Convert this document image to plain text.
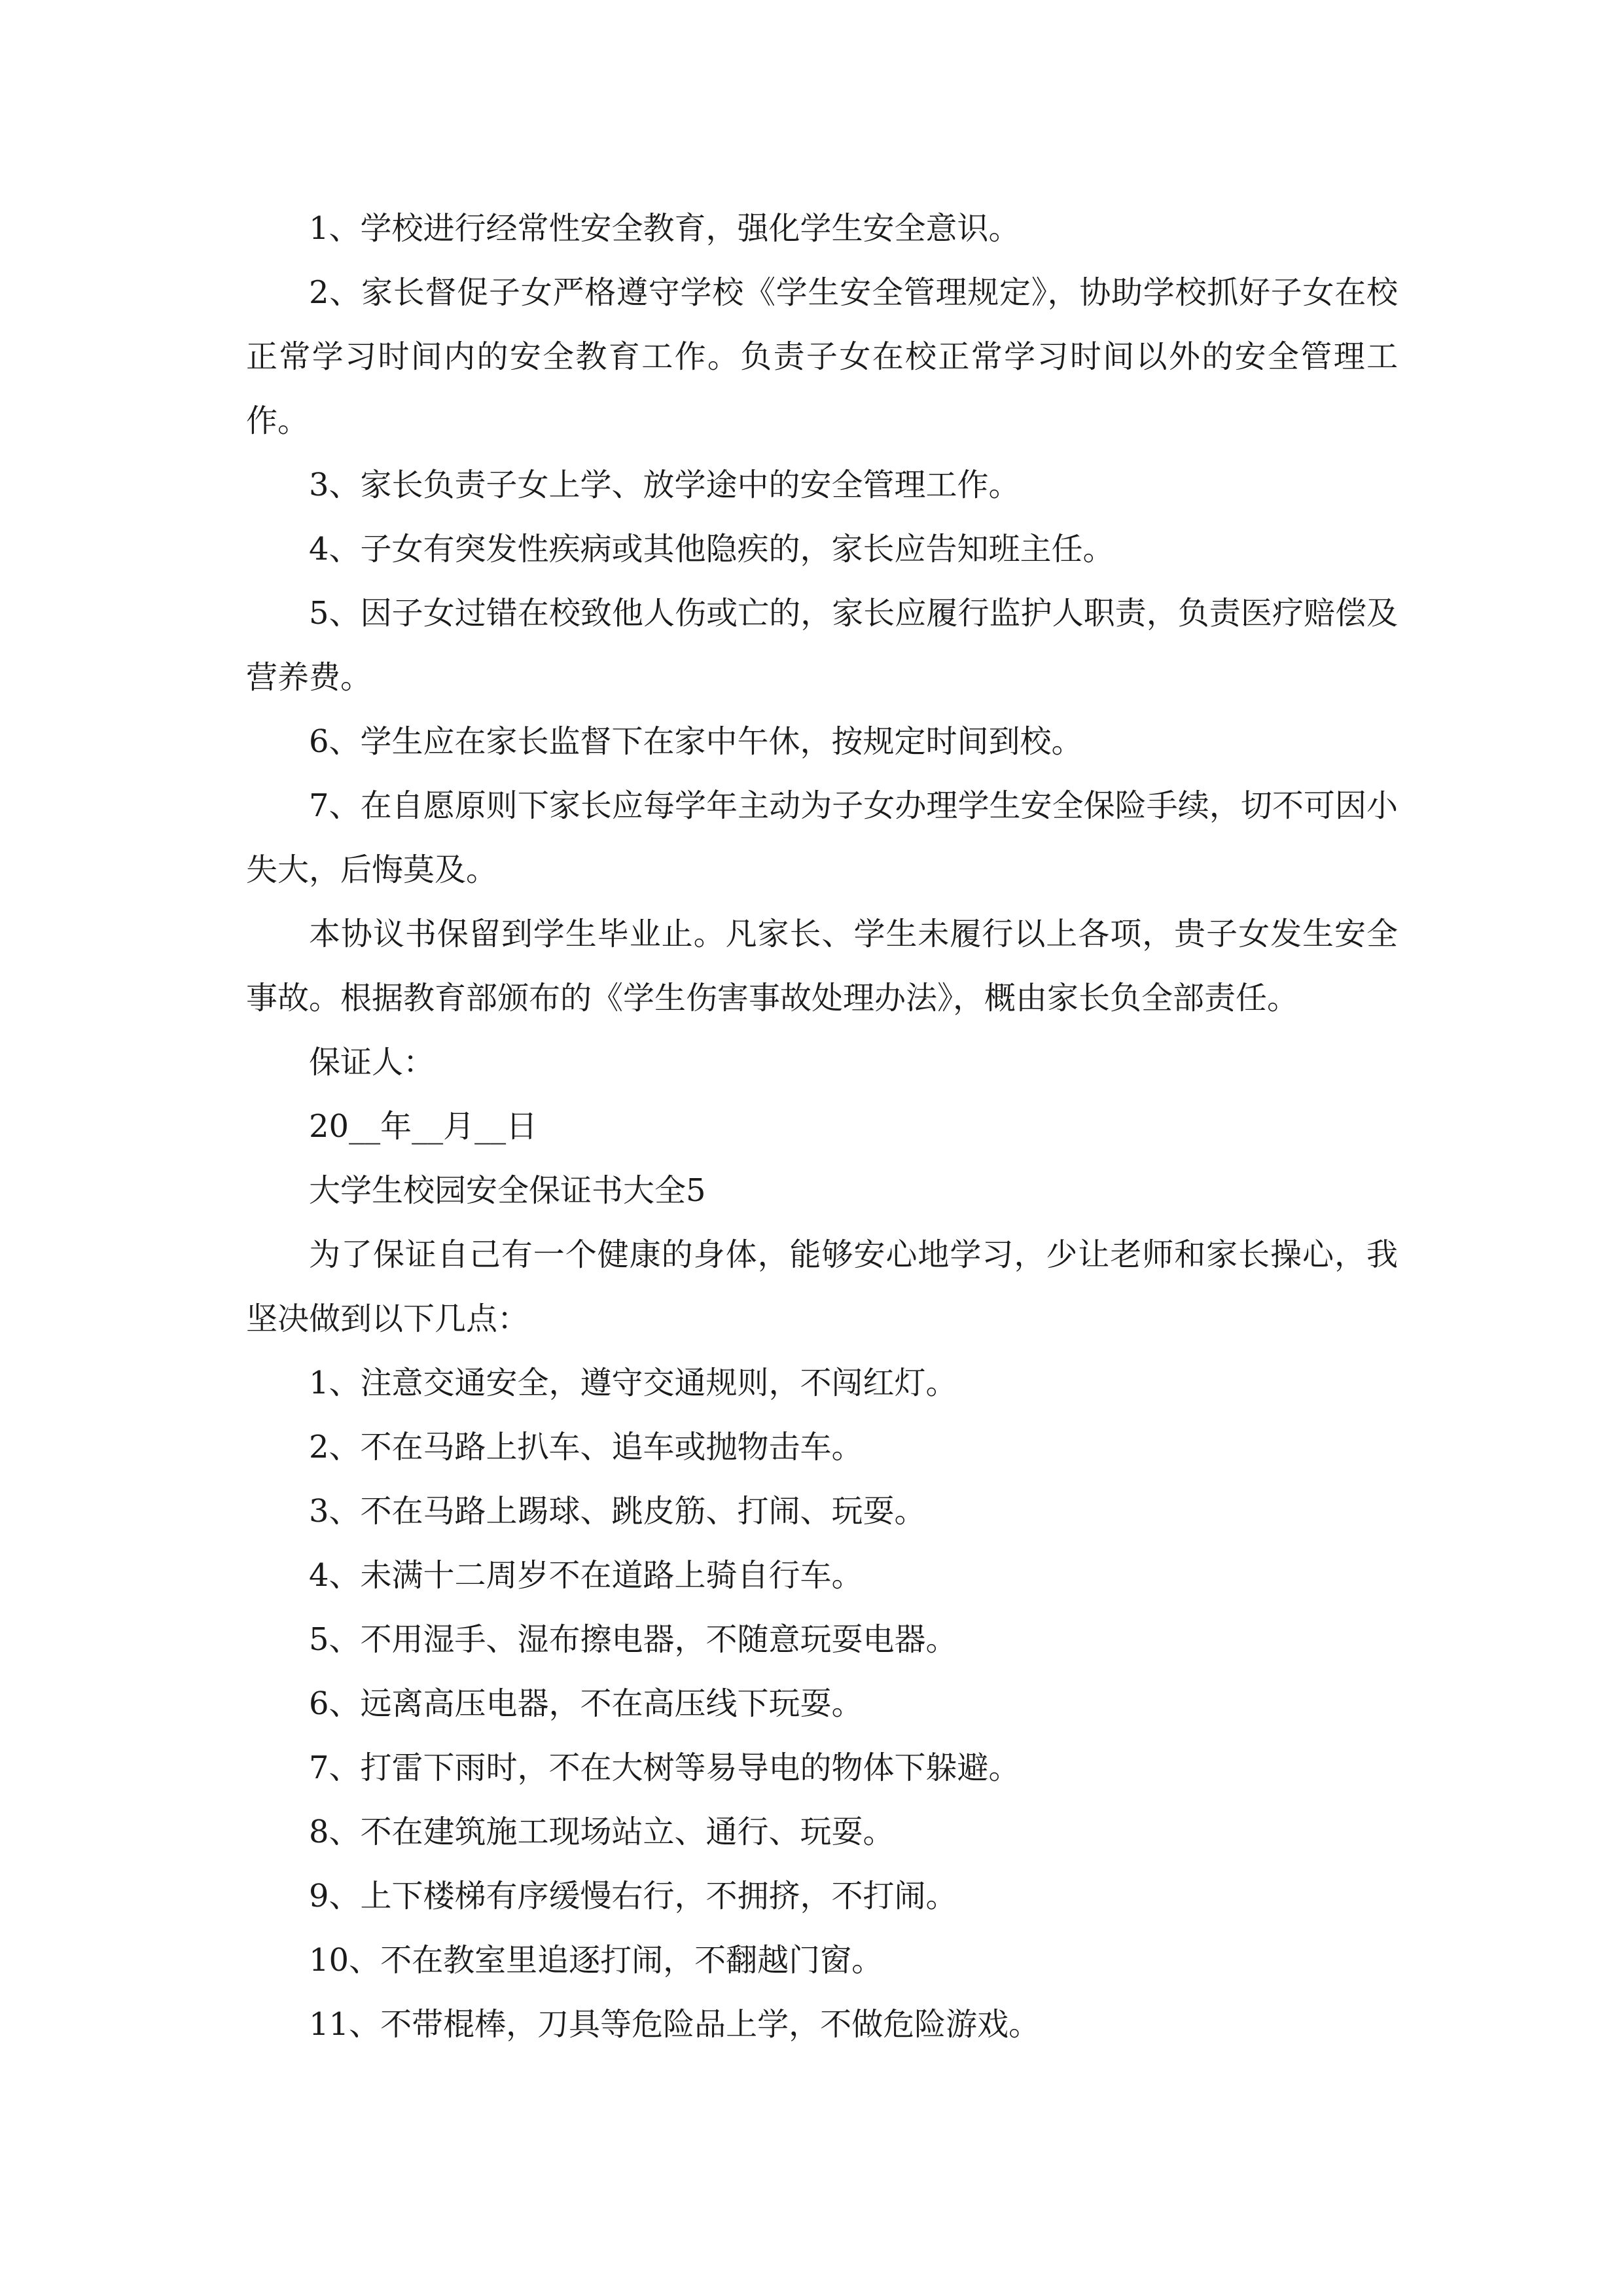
1、学校进行经常性安全教育，强化学生安全意识。

2、家长督促子女严格遵守学校《学生安全管理规定》，协助学校抓好子女在校正常学习时间内的安全教育工作。负责子女在校正常学习时间以外的安全管理工作。

3、家长负责子女上学、放学途中的安全管理工作。

4、子女有突发性疾病或其他隐疾的，家长应告知班主任。

5、因子女过错在校致他人伤或亡的，家长应履行监护人职责，负责医疗赔偿及营养费。

6、学生应在家长监督下在家中午休，按规定时间到校。

7、在自愿原则下家长应每学年主动为子女办理学生安全保险手续，切不可因小失大，后悔莫及。

本协议书保留到学生毕业止。凡家长、学生未履行以上各项，贵子女发生安全事故。根据教育部颁布的《学生伤害事故处理办法》，概由家长负全部责任。

保证人：

20__年__月__日

大学生校园安全保证书大全5

为了保证自己有一个健康的身体，能够安心地学习，少让老师和家长操心，我坚决做到以下几点：

1、注意交通安全，遵守交通规则，不闯红灯。

2、不在马路上扒车、追车或抛物击车。

3、不在马路上踢球、跳皮筋、打闹、玩耍。

4、未满十二周岁不在道路上骑自行车。

5、不用湿手、湿布擦电器，不随意玩耍电器。

6、远离高压电器，不在高压线下玩耍。

7、打雷下雨时，不在大树等易导电的物体下躲避。

8、不在建筑施工现场站立、通行、玩耍。

9、上下楼梯有序缓慢右行，不拥挤，不打闹。

10、不在教室里追逐打闹，不翻越门窗。

11、不带棍棒，刀具等危险品上学，不做危险游戏。
